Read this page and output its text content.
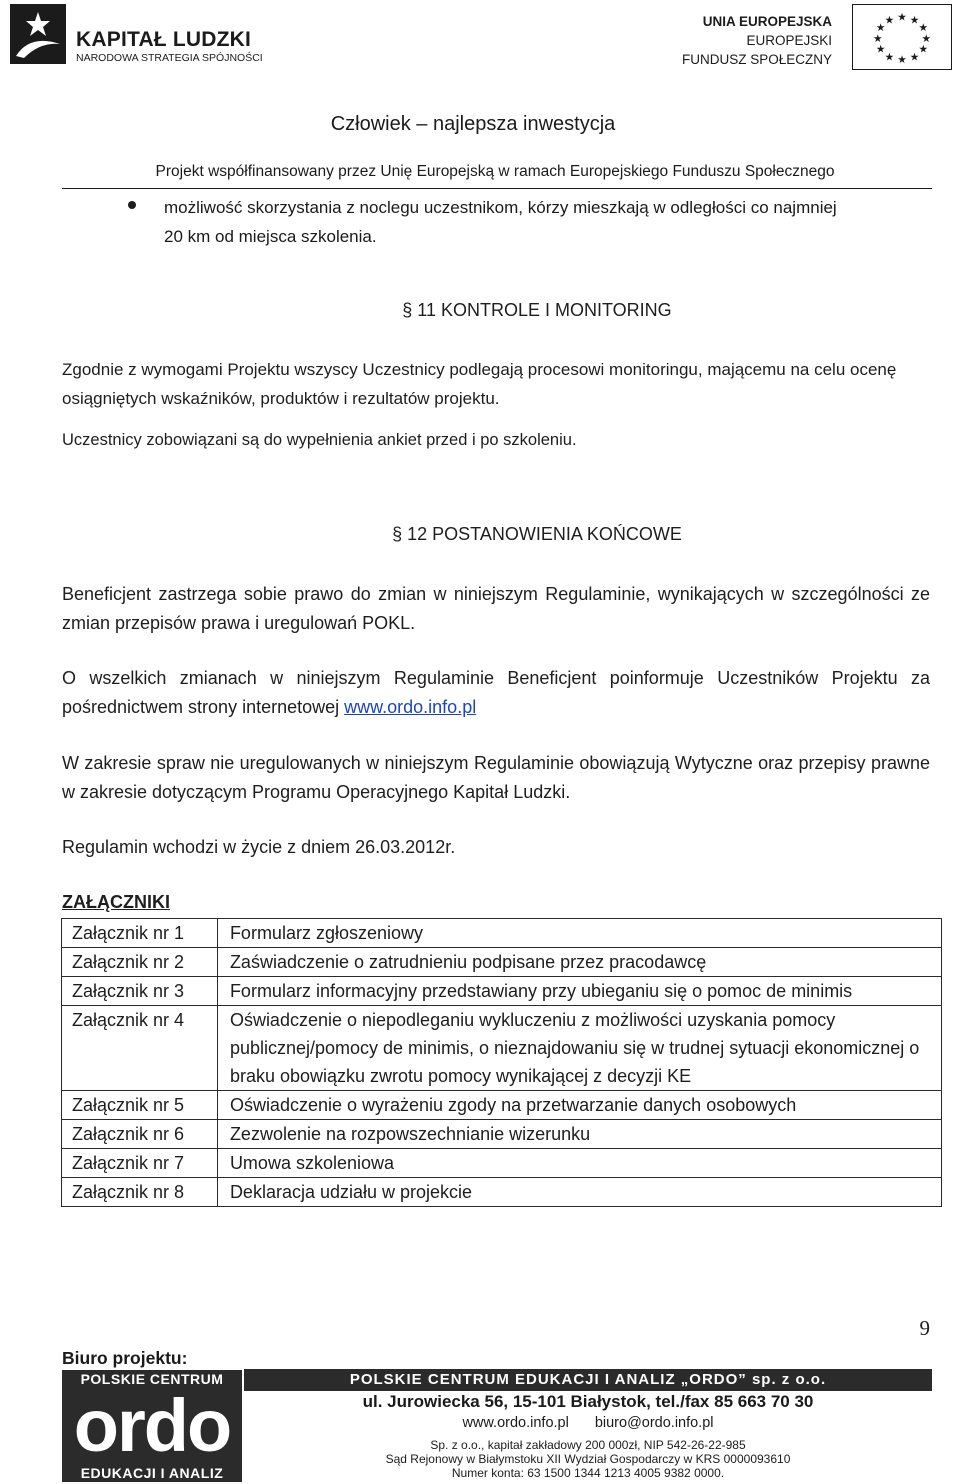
KAPITAŁ LUDZKI
NARODOWA STRATEGIA SPÓJNOŚCI
UNIA EUROPEJSKA
EUROPEJSKI
FUNDUSZ SPOŁECZNY
★ ★
★
★
★
★
★
★
★
★
★
★
Człowiek – najlepsza inwestycja
Projekt współfinansowany przez Unię Europejską w ramach Europejskiego Funduszu Społecznego
możliwość skorzystania z noclegu uczestnikom, kórzy mieszkają w odległości co najmniej
20 km od miejsca szkolenia.
§ 11 KONTROLE I MONITORING
Zgodnie z wymogami Projektu wszyscy Uczestnicy podlegają procesowi monitoringu, mającemu na celu ocenę osiągniętych wskaźników, produktów i rezultatów projektu.
Uczestnicy zobowiązani są do wypełnienia ankiet przed i po szkoleniu.
§ 12 POSTANOWIENIA KOŃCOWE
Beneficjent zastrzega sobie prawo do zmian w niniejszym Regulaminie, wynikających w szczególności ze zmian przepisów prawa i uregulowań POKL.
O wszelkich zmianach w niniejszym Regulaminie Beneficjent poinformuje Uczestników Projektu za pośrednictwem strony internetowej www.ordo.info.pl
W zakresie spraw nie uregulowanych w niniejszym Regulaminie obowiązują Wytyczne oraz przepisy prawne w zakresie dotyczącym Programu Operacyjnego Kapitał Ludzki.
Regulamin wchodzi w życie z dniem 26.03.2012r.
ZAŁĄCZNIKI
Załącznik nr 1	Formularz zgłoszeniowy
Załącznik nr 2	Zaświadczenie o zatrudnieniu podpisane przez pracodawcę
Załącznik nr 3	Formularz informacyjny przedstawiany przy ubieganiu się o pomoc de minimis
Załącznik nr 4	Oświadczenie o niepodleganiu wykluczeniu z możliwości uzyskania pomocy publicznej/pomocy de minimis, o nieznajdowaniu się w trudnej sytuacji ekonomicznej o braku obowiązku zwrotu pomocy wynikającej z decyzji KE
Załącznik nr 5	Oświadczenie o wyrażeniu zgody na przetwarzanie danych osobowych
Załącznik nr 6	Zezwolenie na rozpowszechnianie wizerunku
Załącznik nr 7	Umowa szkoleniowa
Załącznik nr 8	Deklaracja udziału w projekcie
9
Biuro projektu:
POLSKIE CENTRUM
ordo
EDUKACJI I ANALIZ
POLSKIE CENTRUM EDUKACJI I ANALIZ „ORDO” sp. z o.o.
ul. Jurowiecka 56, 15-101 Białystok, tel./fax 85 663 70 30
www.ordo.info.pl biuro@ordo.info.pl
Sp. z o.o., kapitał zakładowy 200 000zł, NIP 542-26-22-985
Sąd Rejonowy w Białymstoku XII Wydział Gospodarczy w KRS 0000093610
Numer konta: 63 1500 1344 1213 4005 9382 0000.
